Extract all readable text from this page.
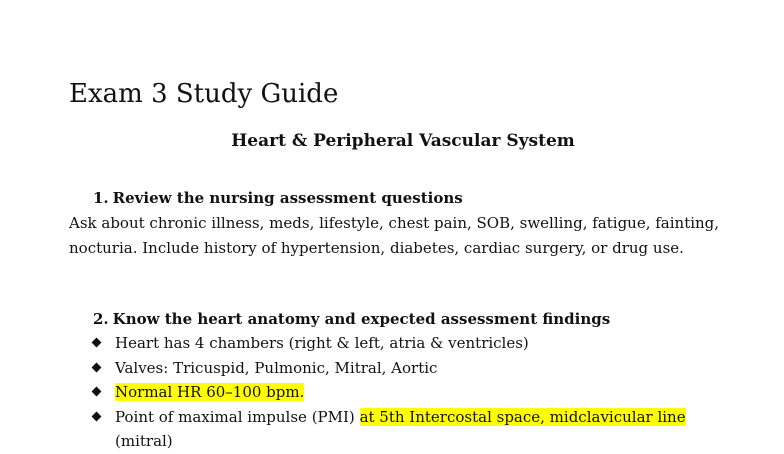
Exam 3 Study Guide
Heart & Peripheral Vascular System
1. Review the nursing assessment questions

Ask about chronic illness, meds, lifestyle, chest pain, SOB, swelling, fatigue, fainting,
nocturia. Include history of hypertension, diabetes, cardiac surgery, or drug use.

2. Know the heart anatomy and expected assessment findings
Heart has 4 chambers (right & left, atria & ventricles)
Valves: Tricuspid, Pulmonic, Mitral, Aortic
Normal HR 60–100 bpm.
Point of maximal impulse (PMI) at 5th Intercostal space, midclavicular line
(mitral)
